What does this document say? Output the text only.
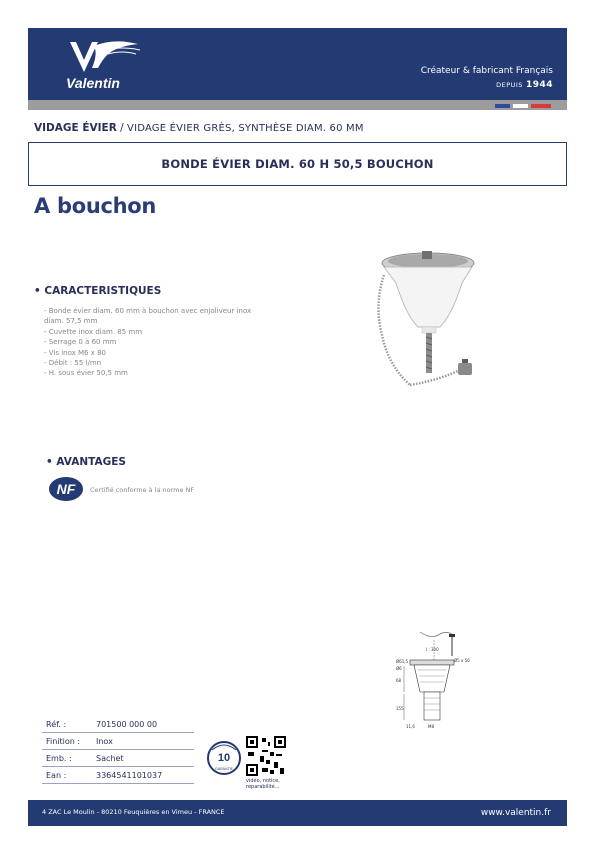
Valentin
Créateur & fabricant Français
DEPUIS 1944
VIDAGE ÉVIER / VIDAGE ÉVIER GRÈS, SYNTHÈSE DIAM. 60 MM
BONDE ÉVIER DIAM. 60 H 50,5 BOUCHON
A bouchon
• CARACTERISTIQUES
- Bonde évier diam. 60 mm à bouchon avec enjoliveur inox
diam. 57,5 mm
- Cuvette inox diam. 85 mm
- Serrage 0 à 60 mm
- Vis inox M6 x 80
- Débit : 55 l/mn
- H. sous évier 50,5 mm
• AVANTAGES
NF Certifié conforme à la norme NF
l : 300
Ø5 x 50
Ø61,5
Ø6
68
155
11,6	M8
Réf. :	701500 000 00
Finition :	Inox
Emb. :	Sachet
Ean :	3364541101037
10
GARANTIE
vidéo, notice, reparabilité...
4 ZAC Le Moulin - 80210 Feuquières en Vimeu - FRANCE	www.valentin.fr
